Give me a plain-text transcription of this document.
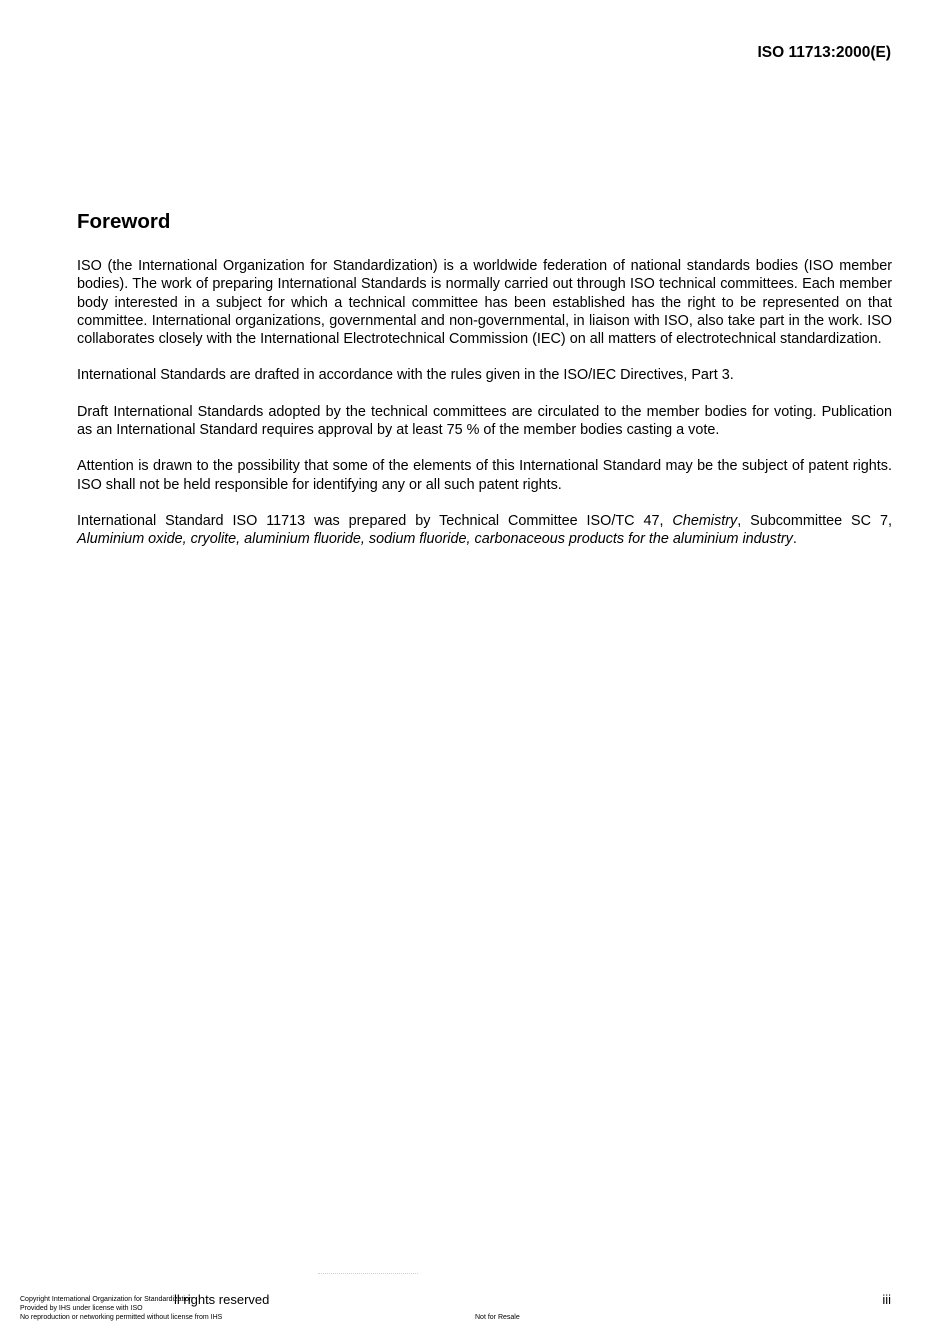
ISO 11713:2000(E)
Foreword

ISO (the International Organization for Standardization) is a worldwide federation of national standards bodies (ISO member bodies). The work of preparing International Standards is normally carried out through ISO technical committees. Each member body interested in a subject for which a technical committee has been established has the right to be represented on that committee. International organizations, governmental and non-governmental, in liaison with ISO, also take part in the work. ISO collaborates closely with the International Electrotechnical Commission (IEC) on all matters of electrotechnical standardization.

International Standards are drafted in accordance with the rules given in the ISO/IEC Directives, Part 3.

Draft International Standards adopted by the technical committees are circulated to the member bodies for voting. Publication as an International Standard requires approval by at least 75 % of the member bodies casting a vote.

Attention is drawn to the possibility that some of the elements of this International Standard may be the subject of patent rights. ISO shall not be held responsible for identifying any or all such patent rights.

International Standard ISO 11713 was prepared by Technical Committee ISO/TC 47, Chemistry, Subcommittee SC 7, Aluminium oxide, cryolite, aluminium fluoride, sodium fluoride, carbonaceous products for the aluminium industry.

ll rights reserved
Copyright International Organization for Standardization
Provided by IHS under license with ISO
No reproduction or networking permitted without license from IHS	Not for Resale
iii
